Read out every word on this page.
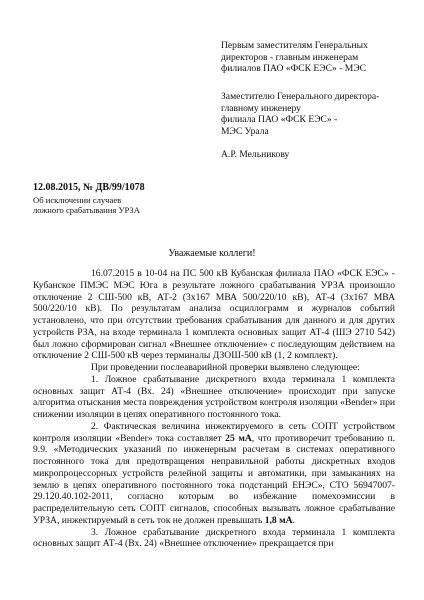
Первым заместителям Генеральных
директоров - главным инженерам
филиалов ПАО «ФСК ЕЭС» - МЭС
Заместителю Генерального директора-
главному инженеру
филиала ПАО «ФСК ЕЭС» -
МЭС Урала
А.Р. Мельникову
12.08.2015, № ДВ/99/1078
Об исключении случаев
ложного срабатывания УРЗА
Уважаемые коллеги!

16.07.2015 в 10-04 на ПС 500 кВ Кубанская филиала ПАО «ФСК ЕЭС» - Кубанское ПМЭС МЭС Юга в результате ложного срабатывания УРЗА произошло отключение 2 СШ-500 кВ, АТ-2 (3х167 МВА 500/220/10 кВ), АТ-4 (3х167 МВА 500/220/10 кВ). По результатам анализа осциллограмм и журналов событий установлено, что при отсутствии требования срабатывания для данного и для других устройств РЗА, на входе терминала 1 комплекта основных защит АТ-4 (ШЭ 2710 542) был ложно сформирован сигнал «Внешнее отключение» с последующим действием на отключение 2 СШ-500 кВ через терминалы ДЗОШ-500 кВ (1, 2 комплект).

При проведении послеаварийной проверки выявлено следующее:

1. Ложное срабатывание дискретного входа терминала 1 комплекта основных защит АТ-4 (Вх. 24) «Внешнее отключение» происходит при запуске алгоритма отыскания места повреждения устройством контроля изоляции «Bender» при снижении изоляции в цепях оперативного постоянного тока.

2. Фактическая величина инжектируемого в сеть СОПТ устройством контроля изоляции «Bender» тока составляет 25 мА, что противоречит требованию п. 9.9. «Методических указаний по инженерным расчетам в системах оперативного постоянного тока для предотвращения неправильной работы дискретных входов микропроцессорных устройств релейной защиты и автоматики, при замыканиях на землю в цепях оперативного постоянного тока подстанций ЕНЭС», СТО 56947007-29.120.40.102-2011, согласно которым во избежание помехоэмиссии в распределительную сеть СОПТ сигналов, способных вызывать ложное срабатывание УРЗА, инжектируемый в сеть ток не должен превышать 1,8 мА.

3. Ложное срабатывание дискретного входа терминала 1 комплекта основных защит АТ-4 (Вх. 24) «Внешнее отключение» прекращается при
